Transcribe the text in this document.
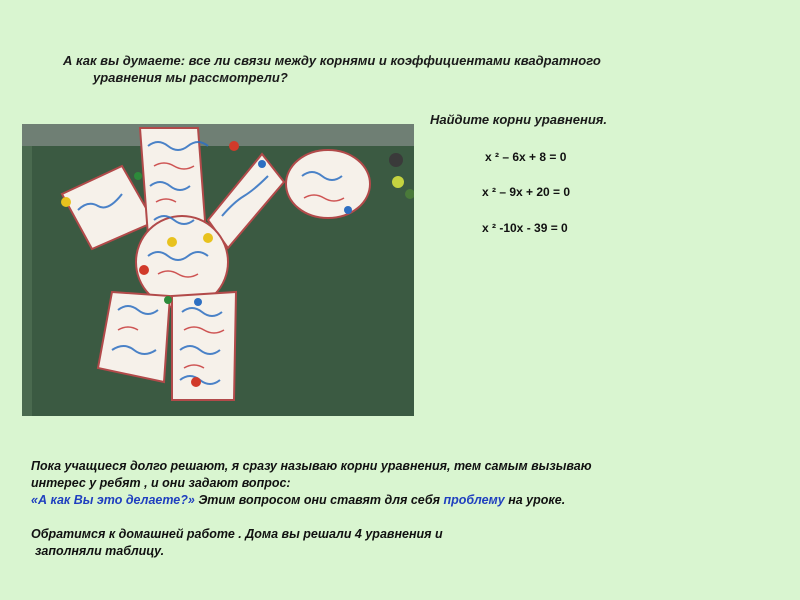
А как вы думаете: все ли связи между корнями и коэффициентами квадратного
уравнения мы рассмотрели?
Найдите корни уравнения.
x ² – 6x + 8 = 0
x ² – 9x + 20 = 0
x ² -10x - 39 = 0
Пока учащиеся долго решают, я сразу называю корни уравнения, тем самым вызываю
интерес у ребят , и они задают вопрос:
«А как Вы это делаете?» Этим вопросом они ставят для себя проблему на уроке.
Обратимся к домашней работе . Дома вы решали 4 уравнения и
заполняли таблицу.
